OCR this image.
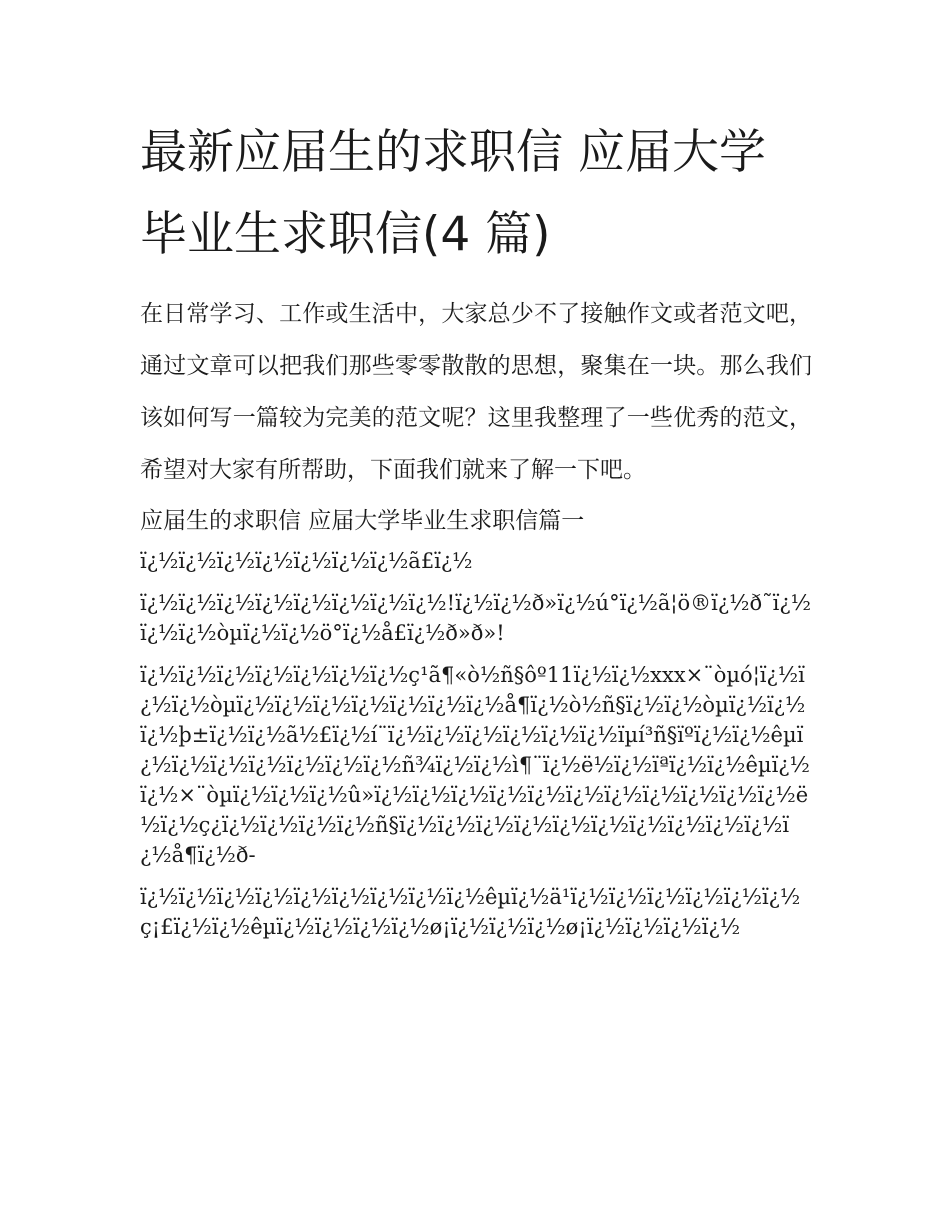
最新应届生的求职信 应届大学毕业生求职信(4 篇)

在日常学习、工作或生活中，大家总少不了接触作文或者范文吧，通过文章可以把我们那些零零散散的思想，聚集在一块。那么我们该如何写一篇较为完美的范文呢？这里我整理了一些优秀的范文，希望对大家有所帮助，下面我们就来了解一下吧。

应届生的求职信 应届大学毕业生求职信篇一

ï¿½ï¿½ï¿½ï¿½ï¿½ï¿½ï¿½ã£ï¿½

ï¿½ï¿½ï¿½ï¿½ï¿½ï¿½ï¿½ï¿½!ï¿½ï¿½ð»ï¿½ú°ï¿½ã¦ö®ï¿½ð˜ï¿½ï¿½ï¿½òµï¿½ï¿½ö°ï¿½å£ï¿½ð»ð»!

ï¿½ï¿½ï¿½ï¿½ï¿½ï¿½ï¿½ç¹ã¶«ò½ñ§ôº11ï¿½ï¿½xxx×¨òµó¦ï¿½ï¿½ï¿½òµï¿½ï¿½ï¿½ï¿½ï¿½ï¿½ï¿½å¶ï¿½ò½ñ§ï¿½ï¿½òµï¿½ï¿½ï¿½þ±ï¿½ï¿½ã½£ï¿½í¨ï¿½ï¿½ï¿½ï¿½ï¿½ï¿½ïµí³ñ§ïºï¿½ï¿½êµï¿½ï¿½ï¿½ï¿½ï¿½ï¿½ï¿½ñ¾ï¿½ï¿½ì¶¨ï¿½ë½ï¿½ïªï¿½ï¿½êµï¿½ï¿½×¨òµï¿½ï¿½ï¿½û»ï¿½ï¿½ï¿½ï¿½ï¿½ï¿½ï¿½ï¿½ï¿½ï¿½ï¿½ë½ï¿½ç¿ï¿½ï¿½ï¿½ï¿½ñ§ï¿½ï¿½ï¿½ï¿½ï¿½ï¿½ï¿½ï¿½ï¿½ï¿½ï¿½å¶ï¿½ð-

ï¿½ï¿½ï¿½ï¿½ï¿½ï¿½ï¿½ï¿½ï¿½êµï¿½ä¹ï¿½ï¿½ï¿½ï¿½ï¿½ï¿½ç¡£ï¿½ï¿½êµï¿½ï¿½ï¿½ï¿½ø¡ï¿½ï¿½ï¿½ø¡ï¿½ï¿½ï¿½ï¿½
